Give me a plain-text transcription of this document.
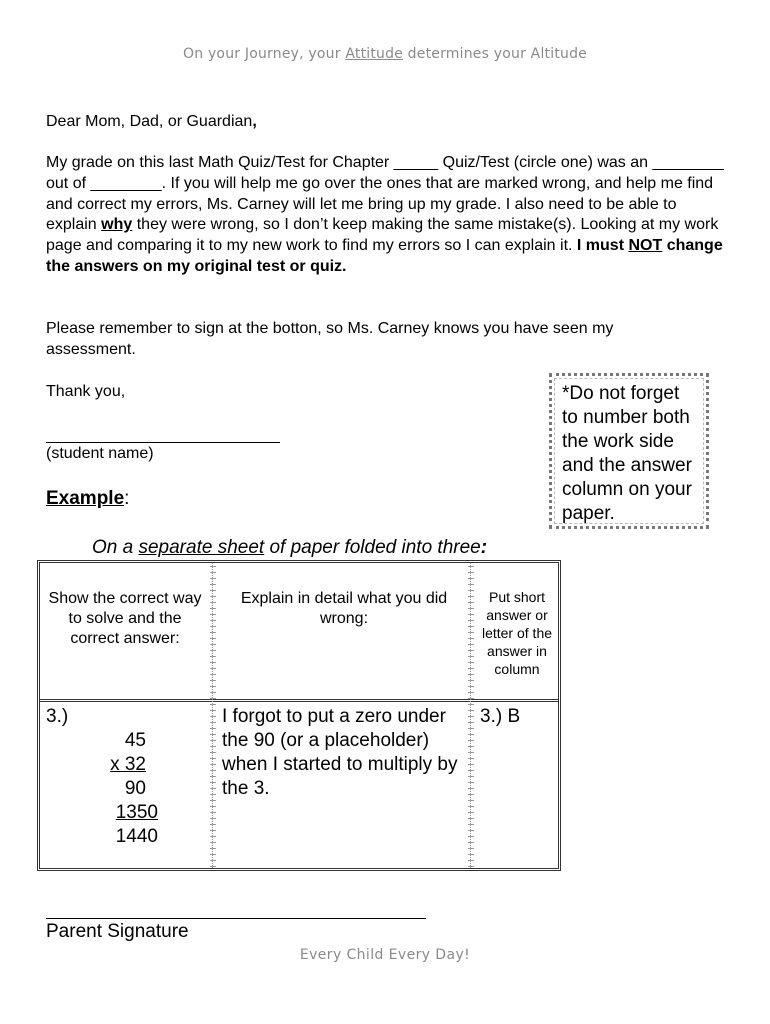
On your Journey, your Attitude determines your Altitude
Dear Mom, Dad, or Guardian,
My grade on this last Math Quiz/Test for Chapter _____ Quiz/Test (circle one) was an ________ out of ________. If you will help me go over the ones that are marked wrong, and help me find and correct my errors, Ms. Carney will let me bring up my grade. I also need to be able to explain why they were wrong, so I don’t keep making the same mistake(s). Looking at my work page and comparing it to my new work to find my errors so I can explain it. I must NOT change the answers on my original test or quiz.
Please remember to sign at the botton, so Ms. Carney knows you have seen my assessment.
Thank you,
(student name)
*Do not forget to number both the work side and the answer column on your paper.
Example:
On a separate sheet of paper folded into three:
Show the correct way to solve and the correct answer:
Explain in detail what you did wrong:
Put short answer or letter of the answer in column
3.)
45
x 32
90
1350
1440
I forgot to put a zero under the 90 (or a placeholder) when I started to multiply by the 3.
3.) B
Parent Signature
Every Child Every Day!
